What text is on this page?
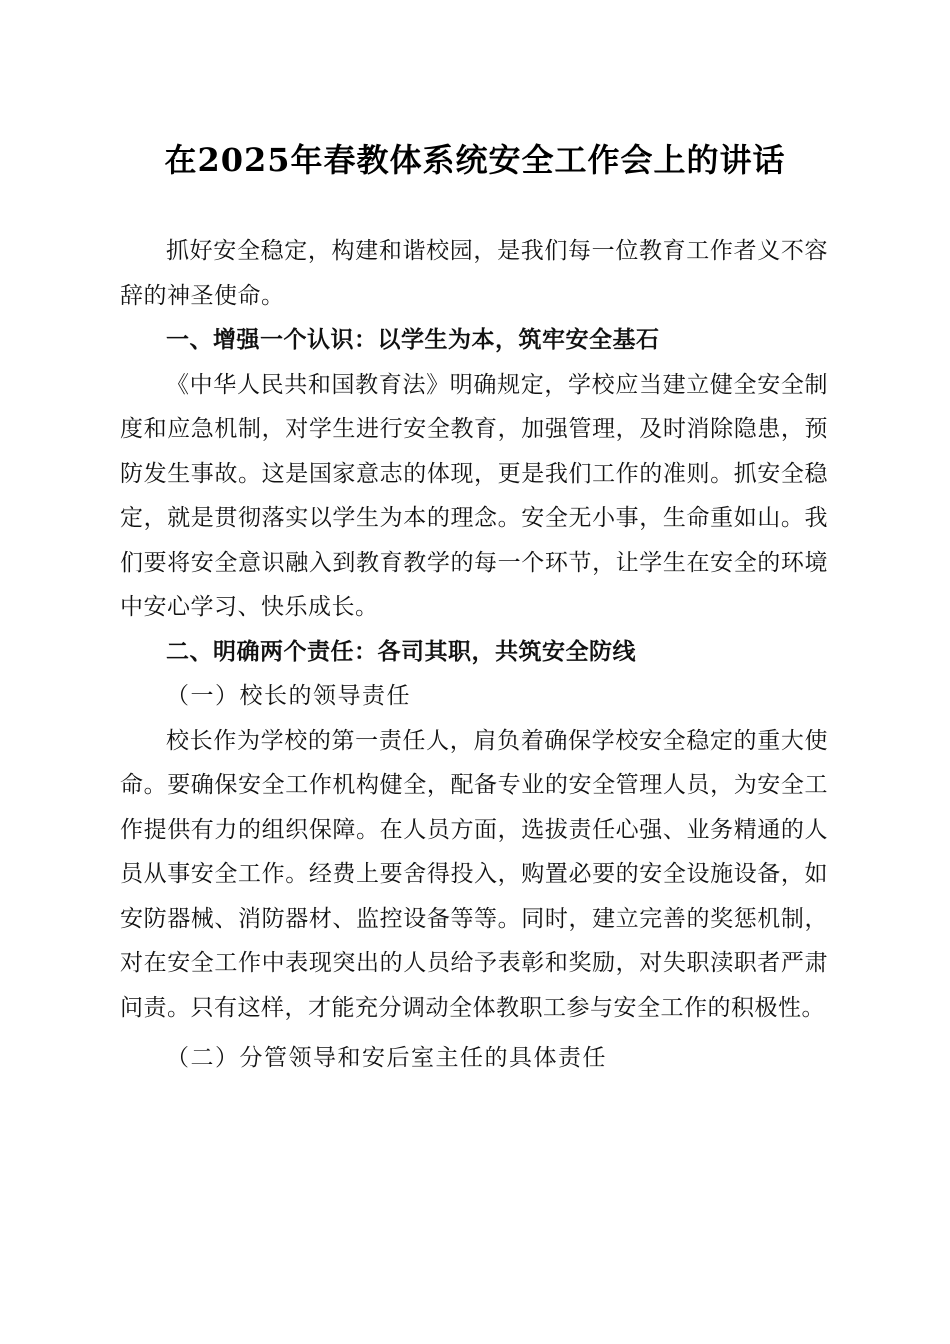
在2025年春教体系统安全工作会上的讲话

抓好安全稳定，构建和谐校园，是我们每一位教育工作者义不容辞的神圣使命。

一、增强一个认识：以学生为本，筑牢安全基石

《中华人民共和国教育法》明确规定，学校应当建立健全安全制度和应急机制，对学生进行安全教育，加强管理，及时消除隐患，预防发生事故。这是国家意志的体现，更是我们工作的准则。抓安全稳定，就是贯彻落实以学生为本的理念。安全无小事，生命重如山。我们要将安全意识融入到教育教学的每一个环节，让学生在安全的环境中安心学习、快乐成长。

二、明确两个责任：各司其职，共筑安全防线

（一）校长的领导责任

校长作为学校的第一责任人，肩负着确保学校安全稳定的重大使命。要确保安全工作机构健全，配备专业的安全管理人员，为安全工作提供有力的组织保障。在人员方面，选拔责任心强、业务精通的人员从事安全工作。经费上要舍得投入，购置必要的安全设施设备，如安防器械、消防器材、监控设备等等。同时，建立完善的奖惩机制，对在安全工作中表现突出的人员给予表彰和奖励，对失职渎职者严肃问责。只有这样，才能充分调动全体教职工参与安全工作的积极性。

（二）分管领导和安后室主任的具体责任
